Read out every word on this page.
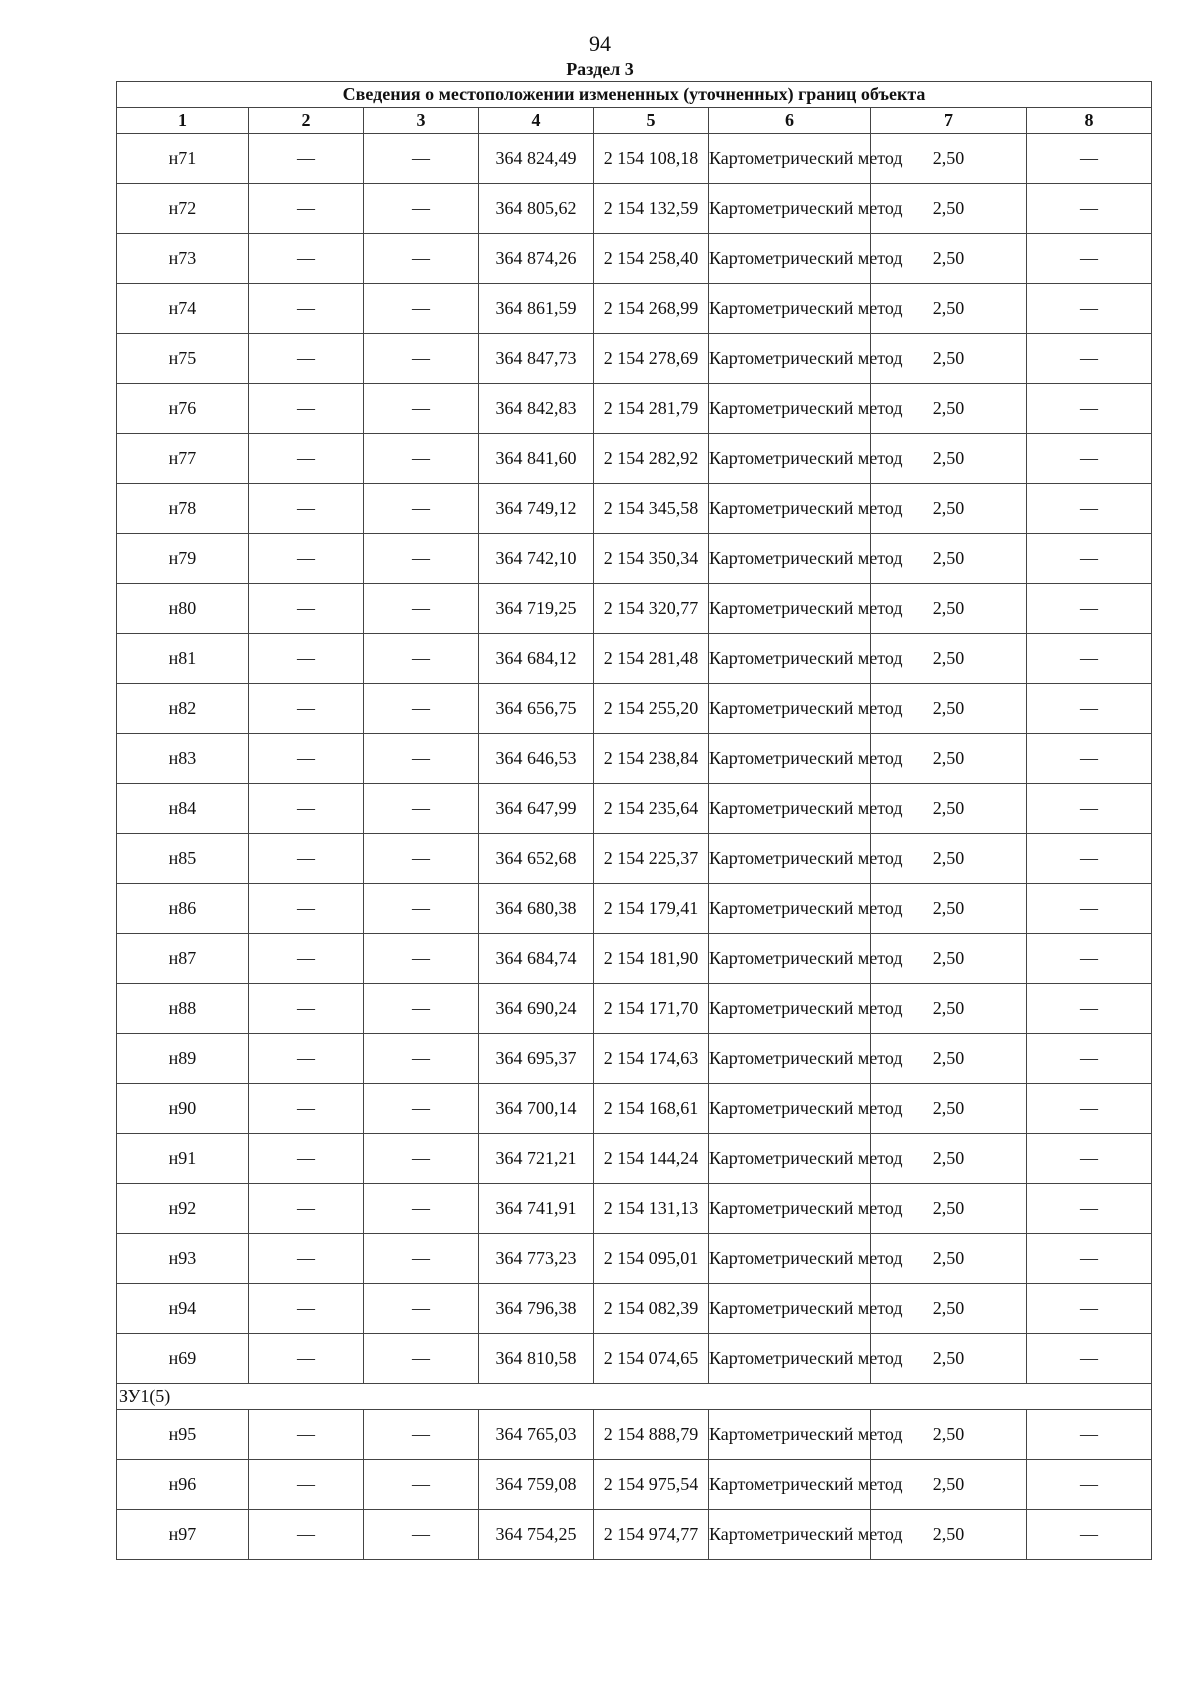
94
Раздел 3
Сведения о местоположении измененных (уточненных) границ объекта							
1	2	3	4	5	6	7	8
н71	—	—	364 824,49	2 154 108,18	Картометрический метод	2,50	—
н72	—	—	364 805,62	2 154 132,59	Картометрический метод	2,50	—
н73	—	—	364 874,26	2 154 258,40	Картометрический метод	2,50	—
н74	—	—	364 861,59	2 154 268,99	Картометрический метод	2,50	—
н75	—	—	364 847,73	2 154 278,69	Картометрический метод	2,50	—
н76	—	—	364 842,83	2 154 281,79	Картометрический метод	2,50	—
н77	—	—	364 841,60	2 154 282,92	Картометрический метод	2,50	—
н78	—	—	364 749,12	2 154 345,58	Картометрический метод	2,50	—
н79	—	—	364 742,10	2 154 350,34	Картометрический метод	2,50	—
н80	—	—	364 719,25	2 154 320,77	Картометрический метод	2,50	—
н81	—	—	364 684,12	2 154 281,48	Картометрический метод	2,50	—
н82	—	—	364 656,75	2 154 255,20	Картометрический метод	2,50	—
н83	—	—	364 646,53	2 154 238,84	Картометрический метод	2,50	—
н84	—	—	364 647,99	2 154 235,64	Картометрический метод	2,50	—
н85	—	—	364 652,68	2 154 225,37	Картометрический метод	2,50	—
н86	—	—	364 680,38	2 154 179,41	Картометрический метод	2,50	—
н87	—	—	364 684,74	2 154 181,90	Картометрический метод	2,50	—
н88	—	—	364 690,24	2 154 171,70	Картометрический метод	2,50	—
н89	—	—	364 695,37	2 154 174,63	Картометрический метод	2,50	—
н90	—	—	364 700,14	2 154 168,61	Картометрический метод	2,50	—
н91	—	—	364 721,21	2 154 144,24	Картометрический метод	2,50	—
н92	—	—	364 741,91	2 154 131,13	Картометрический метод	2,50	—
н93	—	—	364 773,23	2 154 095,01	Картометрический метод	2,50	—
н94	—	—	364 796,38	2 154 082,39	Картометрический метод	2,50	—
н69	—	—	364 810,58	2 154 074,65	Картометрический метод	2,50	—
ЗУ1(5)							
н95	—	—	364 765,03	2 154 888,79	Картометрический метод	2,50	—
н96	—	—	364 759,08	2 154 975,54	Картометрический метод	2,50	—
н97	—	—	364 754,25	2 154 974,77	Картометрический метод	2,50	—
